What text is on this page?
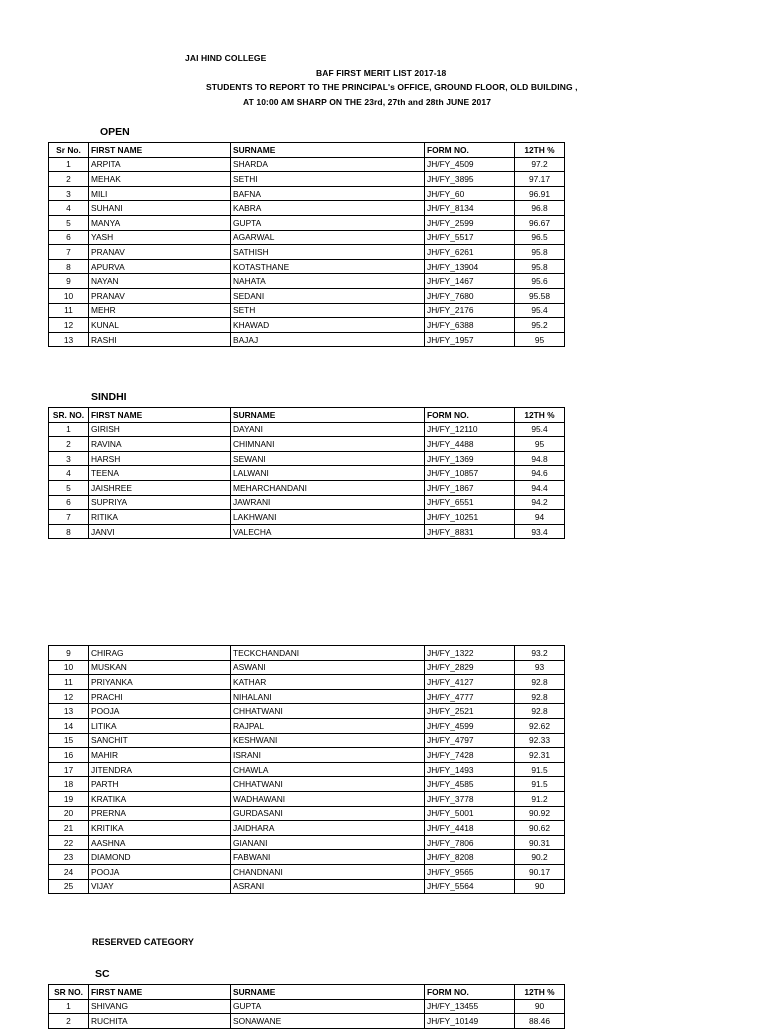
JAI HIND COLLEGE
BAF FIRST MERIT LIST 2017-18
STUDENTS TO REPORT TO THE PRINCIPAL's OFFICE, GROUND FLOOR, OLD BUILDING ,
AT 10:00 AM SHARP ON THE 23rd, 27th and 28th JUNE 2017
OPEN
Sr No.	FIRST NAME	SURNAME	FORM NO.	12TH %
1	ARPITA	SHARDA	JH/FY_4509	97.2
2	MEHAK	SETHI	JH/FY_3895	97.17
3	MILI	BAFNA	JH/FY_60	96.91
4	SUHANI	KABRA	JH/FY_8134	96.8
5	MANYA	GUPTA	JH/FY_2599	96.67
6	YASH	AGARWAL	JH/FY_5517	96.5
7	PRANAV	SATHISH	JH/FY_6261	95.8
8	APURVA	KOTASTHANE	JH/FY_13904	95.8
9	NAYAN	NAHATA	JH/FY_1467	95.6
10	PRANAV	SEDANI	JH/FY_7680	95.58
11	MEHR	SETH	JH/FY_2176	95.4
12	KUNAL	KHAWAD	JH/FY_6388	95.2
13	RASHI	BAJAJ	JH/FY_1957	95
SINDHI
SR. NO.	FIRST NAME	SURNAME	FORM NO.	12TH %
1	GIRISH	DAYANI	JH/FY_12110	95.4
2	RAVINA	CHIMNANI	JH/FY_4488	95
3	HARSH	SEWANI	JH/FY_1369	94.8
4	TEENA	LALWANI	JH/FY_10857	94.6
5	JAISHREE	MEHARCHANDANI	JH/FY_1867	94.4
6	SUPRIYA	JAWRANI	JH/FY_6551	94.2
7	RITIKA	LAKHWANI	JH/FY_10251	94
8	JANVI	VALECHA	JH/FY_8831	93.4
9	CHIRAG	TECKCHANDANI	JH/FY_1322	93.2
10	MUSKAN	ASWANI	JH/FY_2829	93
11	PRIYANKA	KATHAR	JH/FY_4127	92.8
12	PRACHI	NIHALANI	JH/FY_4777	92.8
13	POOJA	CHHATWANI	JH/FY_2521	92.8
14	LITIKA	RAJPAL	JH/FY_4599	92.62
15	SANCHIT	KESHWANI	JH/FY_4797	92.33
16	MAHIR	ISRANI	JH/FY_7428	92.31
17	JITENDRA	CHAWLA	JH/FY_1493	91.5
18	PARTH	CHHATWANI	JH/FY_4585	91.5
19	KRATIKA	WADHAWANI	JH/FY_3778	91.2
20	PRERNA	GURDASANI	JH/FY_5001	90.92
21	KRITIKA	JAIDHARA	JH/FY_4418	90.62
22	AASHNA	GIANANI	JH/FY_7806	90.31
23	DIAMOND	FABWANI	JH/FY_8208	90.2
24	POOJA	CHANDNANI	JH/FY_9565	90.17
25	VIJAY	ASRANI	JH/FY_5564	90
RESERVED CATEGORY
SC
SR NO.	FIRST NAME	SURNAME	FORM NO.	12TH %
1	SHIVANG	GUPTA	JH/FY_13455	90
2	RUCHITA	SONAWANE	JH/FY_10149	88.46
